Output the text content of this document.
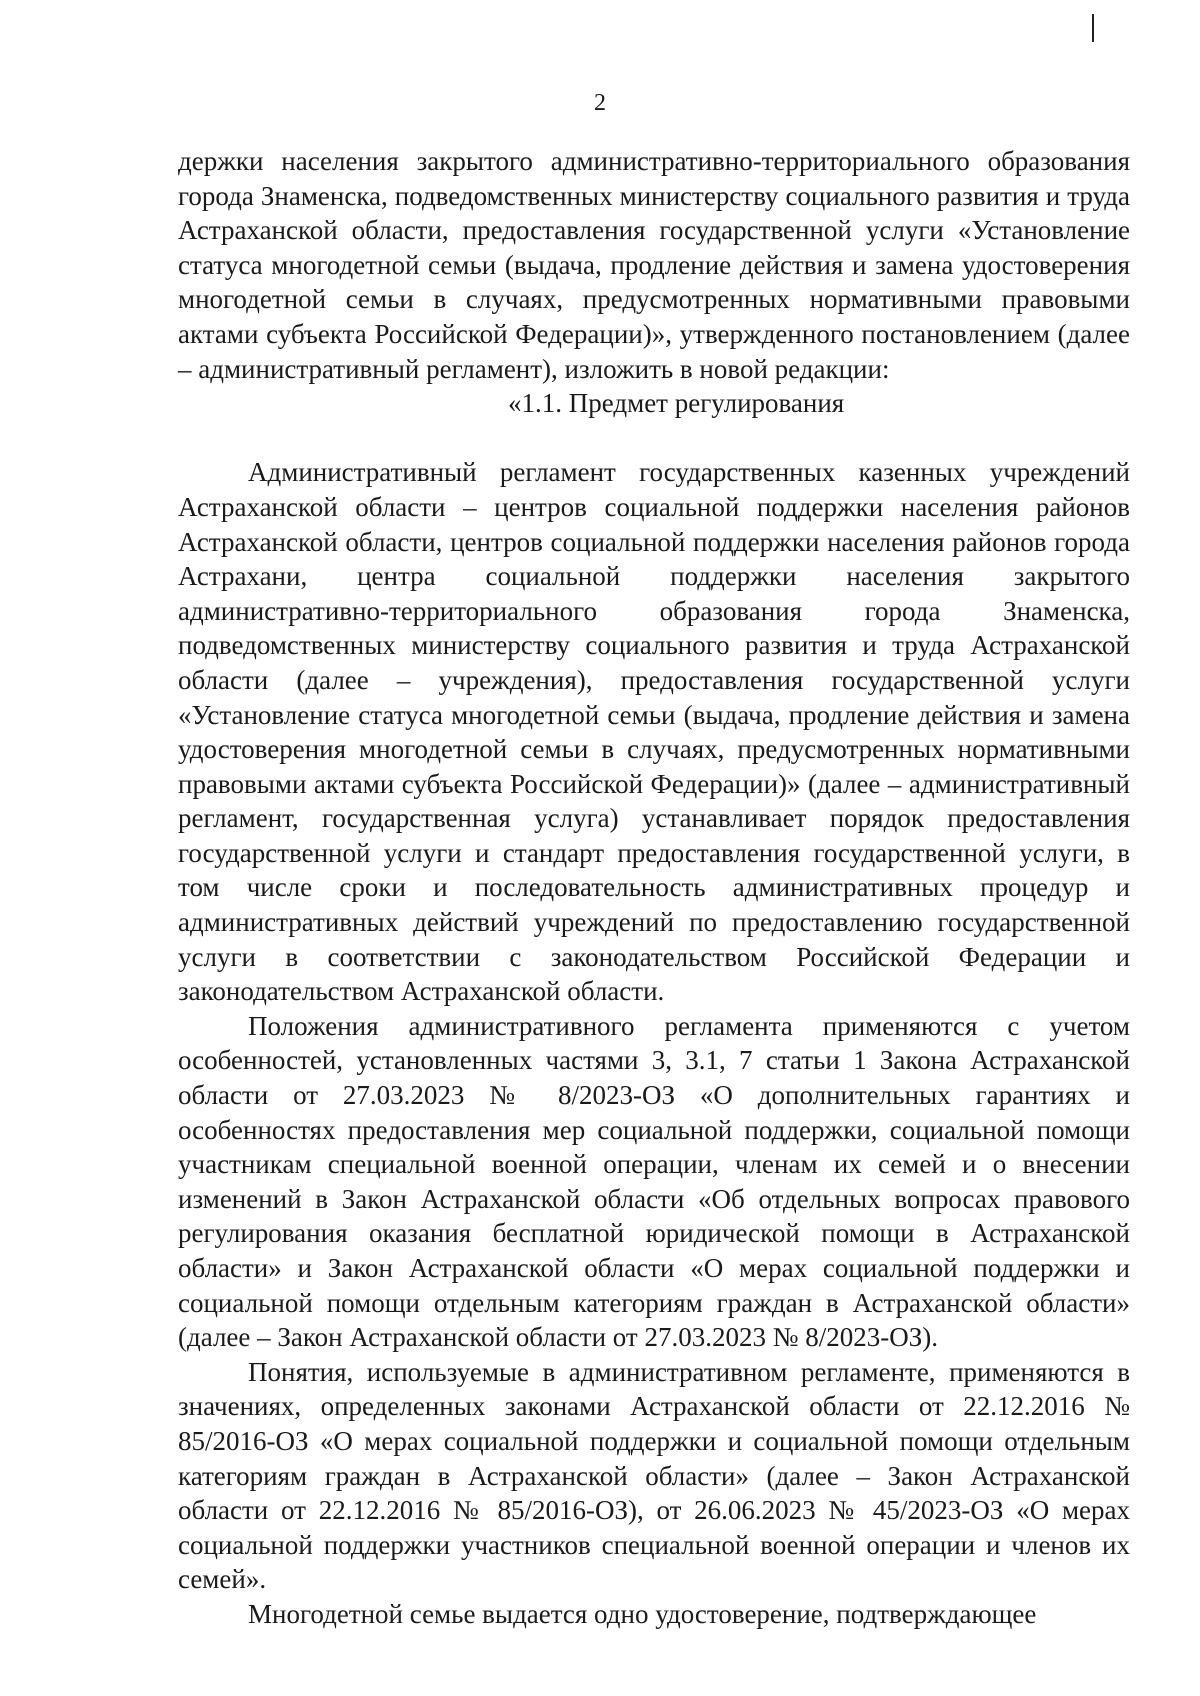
2

держки населения закрытого административно-территориального образования города Знаменска, подведомственных министерству социального развития и труда Астраханской области, предоставления государственной услуги «Установление статуса многодетной семьи (выдача, продление действия и замена удостоверения многодетной семьи в случаях, предусмотренных нормативными правовыми актами субъекта Российской Федерации)», утвержденного постановлением (далее – административный регламент), изложить в новой редакции:

«1.1. Предмет регулирования

Административный регламент государственных казенных учреждений Астраханской области – центров социальной поддержки населения районов Астраханской области, центров социальной поддержки населения районов города Астрахани, центра социальной поддержки населения закрытого административно-территориального образования города Знаменска, подведомственных министерству социального развития и труда Астраханской области (далее – учреждения), предоставления государственной услуги «Установление статуса многодетной семьи (выдача, продление действия и замена удостоверения многодетной семьи в случаях, предусмотренных нормативными правовыми актами субъекта Российской Федерации)» (далее – административный регламент, государственная услуга) устанавливает порядок предоставления государственной услуги и стандарт предоставления государственной услуги, в том числе сроки и последовательность административных процедур и административных действий учреждений по предоставлению государственной услуги в соответствии с законодательством Российской Федерации и законодательством Астраханской области.

Положения административного регламента применяются с учетом особенностей, установленных частями 3, 3.1, 7 статьи 1 Закона Астраханской области от 27.03.2023 № 8/2023-ОЗ «О дополнительных гарантиях и особенностях предоставления мер социальной поддержки, социальной помощи участникам специальной военной операции, членам их семей и о внесении изменений в Закон Астраханской области «Об отдельных вопросах правового регулирования оказания бесплатной юридической помощи в Астраханской области» и Закон Астраханской области «О мерах социальной поддержки и социальной помощи отдельным категориям граждан в Астраханской области» (далее – Закон Астраханской области от 27.03.2023 № 8/2023-ОЗ).

Понятия, используемые в административном регламенте, применяются в значениях, определенных законами Астраханской области от 22.12.2016 № 85/2016-ОЗ «О мерах социальной поддержки и социальной помощи отдельным категориям граждан в Астраханской области» (далее – Закон Астраханской области от 22.12.2016 № 85/2016-ОЗ), от 26.06.2023 № 45/2023-ОЗ «О мерах социальной поддержки участников специальной военной операции и членов их семей».

Многодетной семье выдается одно удостоверение, подтверждающее
